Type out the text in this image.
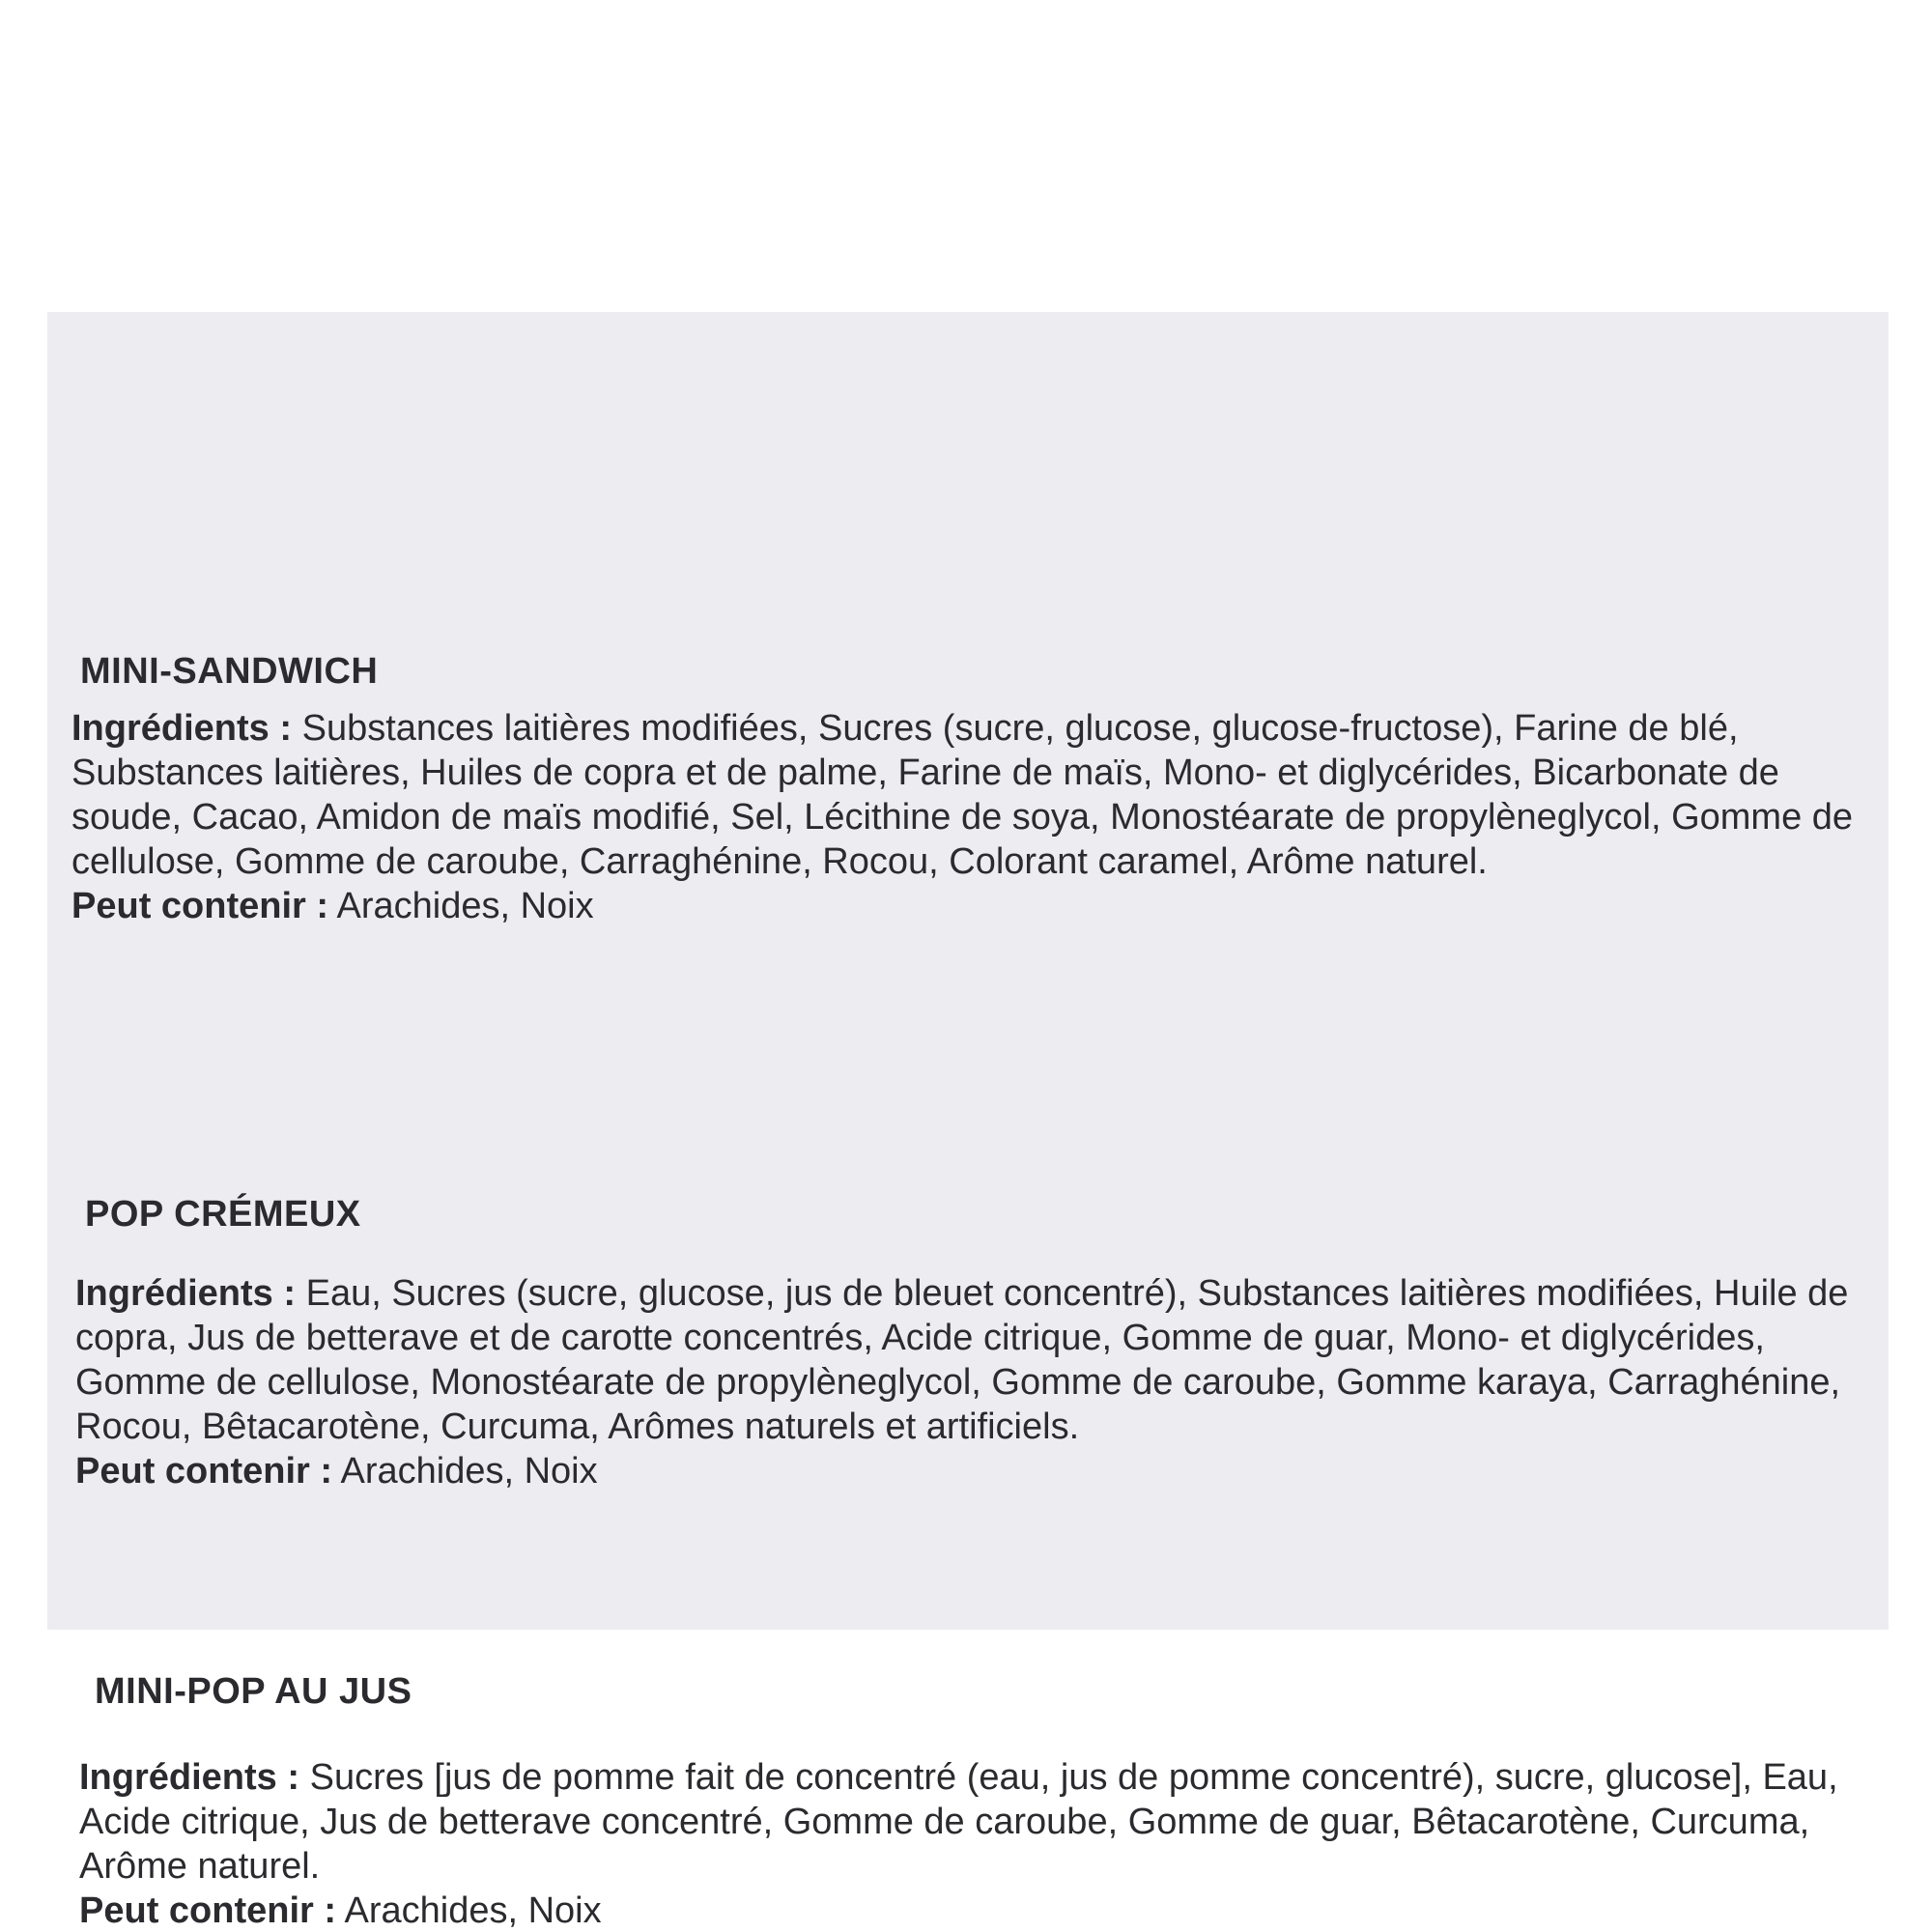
MINI-SANDWICH

Ingrédients : Substances laitières modifiées, Sucres (sucre, glucose, glucose-fructose), Farine de blé, Substances laitières, Huiles de copra et de palme, Farine de maïs, Mono- et diglycérides, Bicarbonate de soude, Cacao, Amidon de maïs modifié, Sel, Lécithine de soya, Monostéarate de propylèneglycol, Gomme de cellulose, Gomme de caroube, Carraghénine, Rocou, Colorant caramel, Arôme naturel.
Peut contenir : Arachides, Noix

POP CRÉMEUX

Ingrédients : Eau, Sucres (sucre, glucose, jus de bleuet concentré), Substances laitières modifiées, Huile de copra, Jus de betterave et de carotte concentrés, Acide citrique, Gomme de guar, Mono- et diglycérides, Gomme de cellulose, Monostéarate de propylèneglycol, Gomme de caroube, Gomme karaya, Carraghénine, Rocou, Bêtacarotène, Curcuma, Arômes naturels et artificiels.
Peut contenir : Arachides, Noix

MINI-POP AU JUS

Ingrédients : Sucres [jus de pomme fait de concentré (eau, jus de pomme concentré), sucre, glucose], Eau, Acide citrique, Jus de betterave concentré, Gomme de caroube, Gomme de guar, Bêtacarotène, Curcuma, Arôme naturel.
Peut contenir : Arachides, Noix
